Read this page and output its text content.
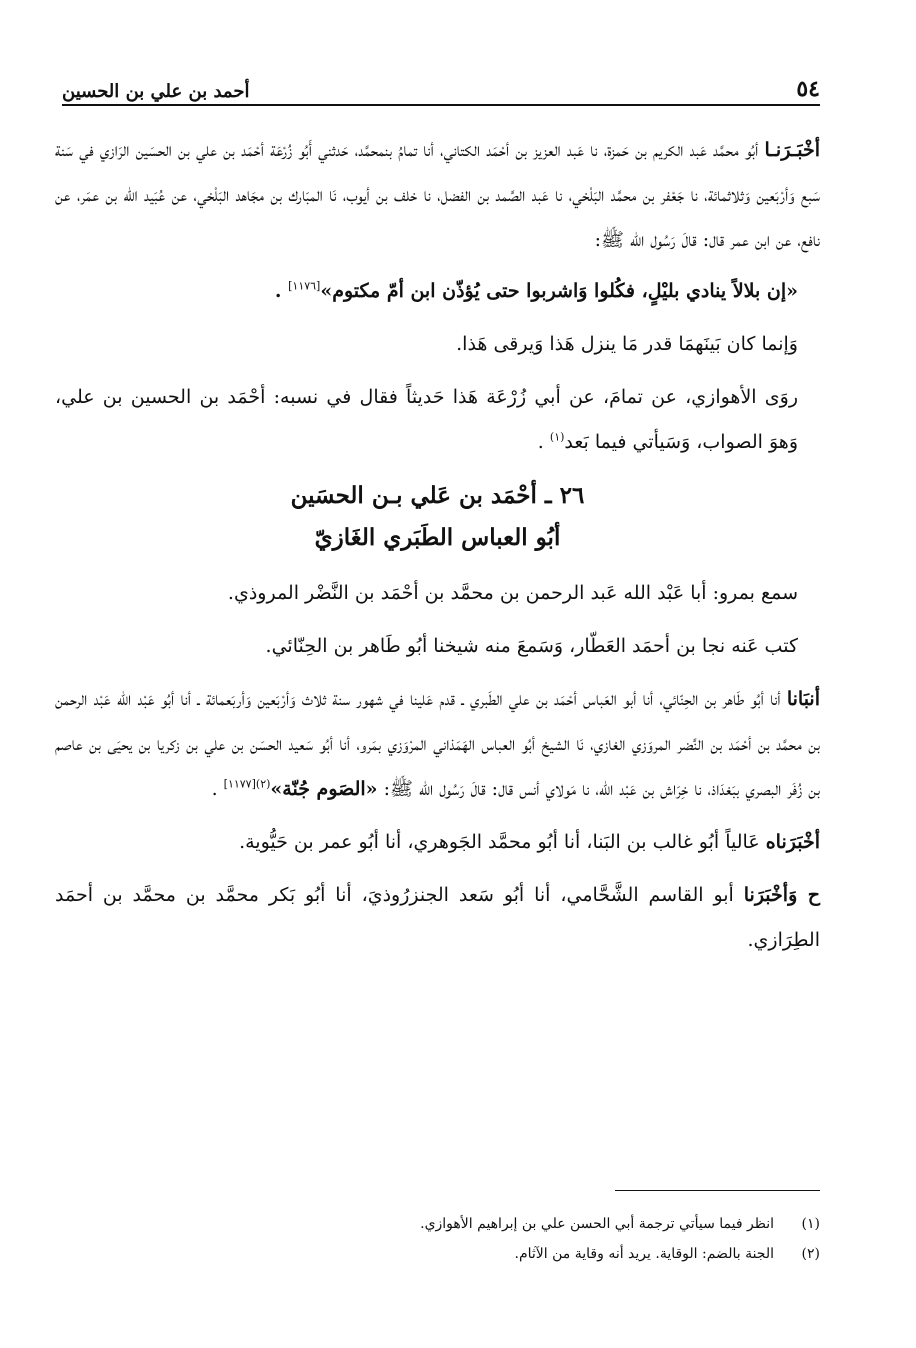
٥٤
أحمد بن علي بن الحسين

أخْبَـرَنـا أبُو محمَّد عَبد الكريم بن حَمزة، نا عَبد العزيز بن أحْمَد الكتاني، أنا تمامُ بنمحمَّد، حَدثني أَبُو زُرْعَة أحْمَد بن علي بن الحسَين الرَازي في سَنة سَبع وَأرْبَعين وَثلاثمائة، نا جَعْفر بن محمَّد البَلْخي، نا عَبد الصَّمد بن الفضل، نا خلف بن أيوب، نَا المبَارك بن مجَاهد البَلْخي، عن عُبَيد الله بن عمَر، عن نافع، عن ابن عمر قال: قالَ رَسُول الله ﷺ:

«إن بلالاً ينادي بليْلٍ، فكُلوا وَاشربوا حتى يُؤذّن ابن أمّ مكتوم»[١١٧٦] .

وَإنما كان بَينَهمَا قدر مَا ينزل هَذا وَيرقى هَذا.

روَى الأهوازي، عن تمامَ، عن أبي زُرْعَة هَذا حَديثاً فقال في نسبه: أحْمَد بن الحسين بن علي، وَهوَ الصواب، وَسَيأتي فيما بَعد$^{(١)}$ .

٢٦ ـ أحْمَد بن عَلي بـن الحسَين
أبُو العباس الطَبَري الغَازيّ

سمع بمرو: أبا عَبْد الله عَبد الرحمن بن محمَّد بن أحْمَد بن النَّضْر المروذي.

كتب عَنه نجا بن أحمَد العَطّار، وَسَمعَ منه شيخنا أبُو طَاهر بن الحِنّائي.

أنبَانا أنا أبُو طَاهر بن الحِنّائي، أنا أبو العَباس أحْمَد بن علي الطَبري ـ قدم عَلينا في شهور سنة ثلاث وَأرْبَعين وَأربَعمائة ـ أنا أبُو عَبْد الله عَبْد الرحمن بن محمَّد بن أحْمَد بن النَّضر المروَزي الغازي، نَا الشيخ أبُو العباس الهَمَذاني المرْوَزي بمَرو، أنا أبُو سَعيد الحسَن بن علي بن زكريا بن يحيَى بن عاصم بن زُفَر البصري ببَغدَاذ، نا خِرَاش بن عَبْد الله، نا مَولاي أنس قال: قالَ رَسُول الله ﷺ: «الصَوم جُنّة»$^{(٢)[١١٧٧]}$ .

أخْبَرَناه عَالياً أبُو غالب بن البَنا، أنا أبُو محمَّد الجَوهري، أنا أبُو عمر بن حَيُّوية.

ح وَأخْبَرَنا أبو القاسم الشَّحَّامي، أنا أبُو سَعد الجنزرُوذيَ، أنا أبُو بَكر محمَّد بن محمَّد بن أحمَد الطِرَازي.

(١)
انظر فيما سيأتي ترجمة أبي الحسن علي بن إبراهيم الأهوازي.
(٢)
الجنة بالضم: الوقاية. يريد أنه وقاية من الآثام.
